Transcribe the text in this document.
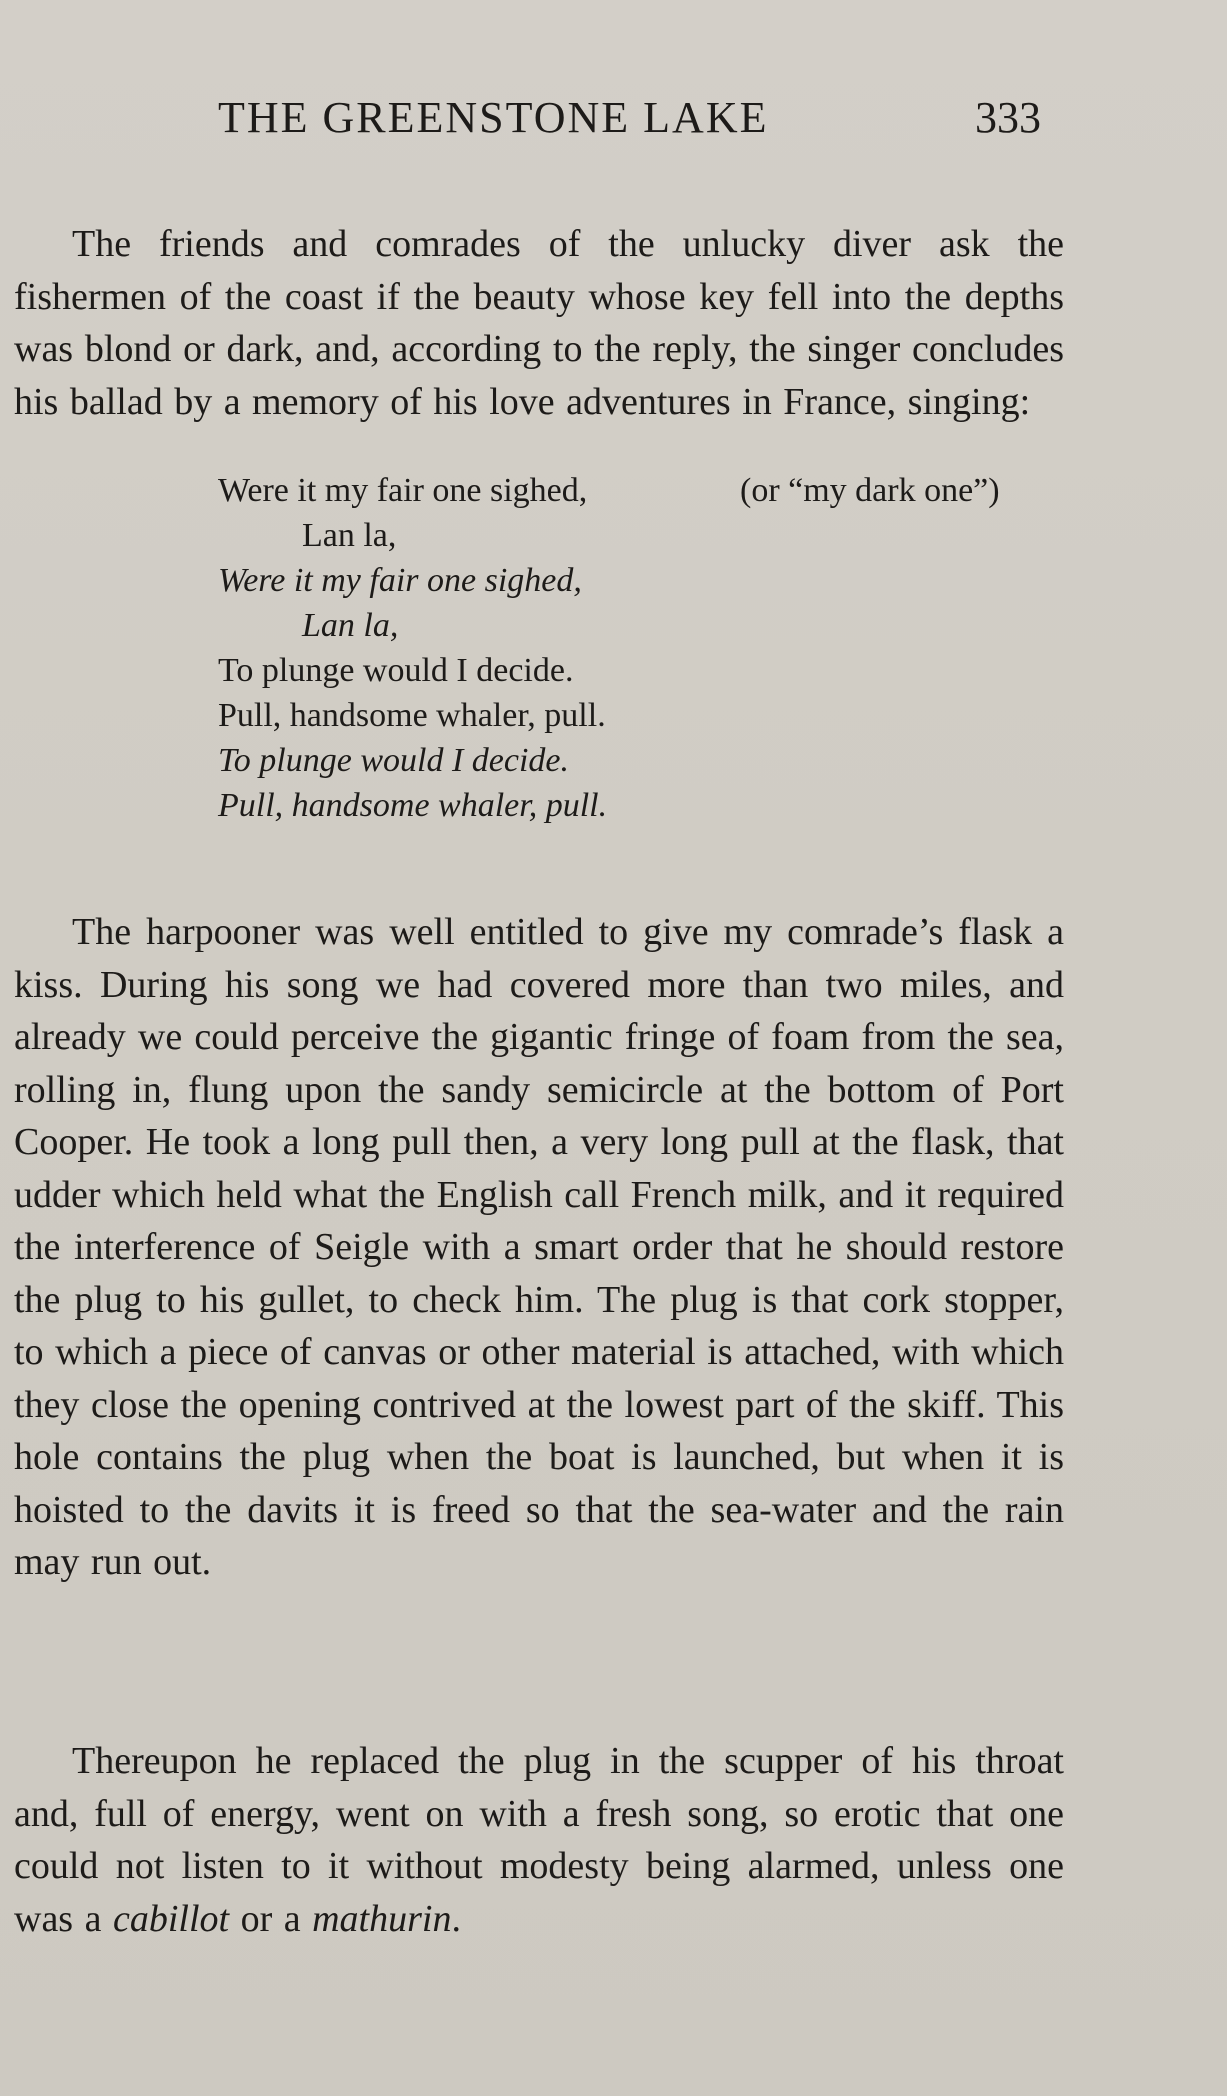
THE GREENSTONE LAKE	333

The friends and comrades of the unlucky diver ask the fishermen of the coast if the beauty whose key fell into the depths was blond or dark, and, according to the reply, the singer concludes his ballad by a memory of his love adventures in France, singing:

Were it my fair one sighed,	(or “my dark one”)
Lan la,
Were it my fair one sighed,
Lan la,
To plunge would I decide.
Pull, handsome whaler, pull.
To plunge would I decide.
Pull, handsome whaler, pull.

The harpooner was well entitled to give my comrade’s flask a kiss. During his song we had covered more than two miles, and already we could perceive the gigantic fringe of foam from the sea, rolling in, flung upon the sandy semicircle at the bottom of Port Cooper. He took a long pull then, a very long pull at the flask, that udder which held what the English call French milk, and it required the interference of Seigle with a smart order that he should restore the plug to his gullet, to check him. The plug is that cork stopper, to which a piece of canvas or other material is attached, with which they close the opening contrived at the lowest part of the skiff. This hole contains the plug when the boat is launched, but when it is hoisted to the davits it is freed so that the sea-water and the rain may run out.

Thereupon he replaced the plug in the scupper of his throat and, full of energy, went on with a fresh song, so erotic that one could not listen to it without modesty being alarmed, unless one was a cabillot or a mathurin.
